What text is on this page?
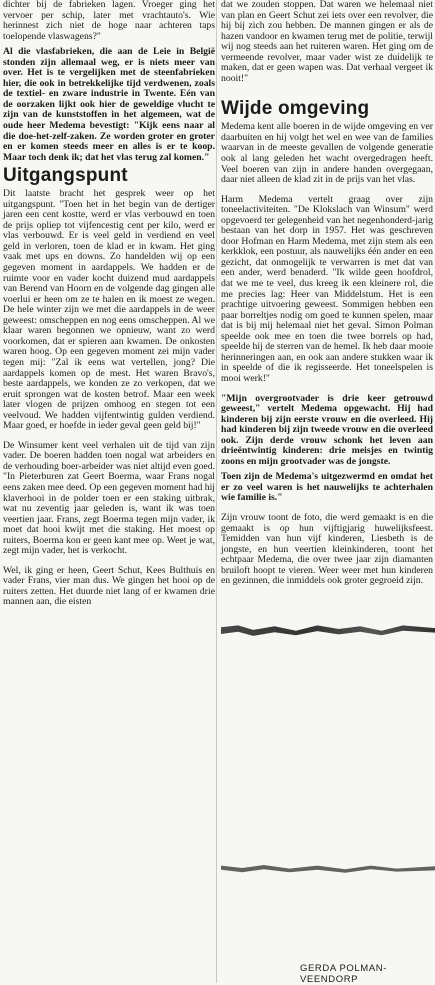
dichter bij de fabrieken lagen. Vroeger ging het vervoer per schip, later met vrachtauto's. Wie herinnest zich niet de hoge naar achteren taps toelopende vlaswagens?"

Al die vlasfabrieken, die aan de Leie in België stonden zijn allemaal weg, er is niets meer van over. Het is te vergelijken met de steenfabrieken hier, die ook in betrekkelijke tijd verdwenen, zoals de textiel- en zware industrie in Twente. Eén van de oorzaken lijkt ook hier de geweldige vlucht te zijn van de kunststoffen in het algemeen, wat de oude heer Medema bevestigt: "Kijk eens naar al die doe-het-zelf-zaken. Ze worden groter en groter en er komen steeds meer en alles is er te koop. Maar toch denk ik; dat het vlas terug zal komen."

Uitgangspunt

Dit laatste bracht het gesprek weer op het uitgangspunt. "Toen het in het begin van de dertiger jaren een cent kostte, werd er vlas verbouwd en toen de prijs opliep tot vijfencestig cent per kilo, werd er vlas verbouwd. Er is veel geld in verdiend en veel geld in verloren, toen de klad er in kwam. Het ging vaak met ups en downs. Zo handelden wij op een gegeven moment in aardappels. We hadden er de ruimte voor en vader kocht duizend mud aardappels van Berend van Hoorn en de volgende dag gingen alle voerlui er heen om ze te halen en ik moest ze wegen. De hele winter zijn we met die aardappels in de weer geweest: omscheppen en nog eens omscheppen. Al we klaar waren begonnen we opnieuw, want zo werd voorkomen, dat er spieren aan kwamen. De onkosten waren hoog. Op een gegeven moment zei mijn vader tegen mij: "Zal ik eens wat vertellen, jong? Die aardappels komen op de mest. Het waren Bravo's, beste aardappels, we konden ze zo verkopen, dat we eruit sprongen wat de kosten betrof. Maar een week later vlogen de prijzen omhoog en stegen tot een veelvoud. We hadden vijfentwintig gulden verdiend. Maar goed, er hoefde in ieder geval geen geld bij!"

De Winsumer kent veel verhalen uit de tijd van zijn vader. De boeren hadden toen nogal wat arbeiders en de verhouding boer-arbeider was niet altijd even goed. "In Pieterburen zat Geert Boerma, waar Frans nogal eens zaken mee deed. Op een gegeven moment had hij klaverhooi in de polder toen er een staking uitbrak, wat nu zeventig jaar geleden is, want ik was toen veertien jaar. Frans, zegt Boerma tegen mijn vader, ik moet dat hooi kwijt met die staking. Het moest op ruiters, Boerma kon er geen kant mee op. Weet je wat, zegt mijn vader, het is verkocht.

Wel, ik ging er heen, Geert Schut, Kees Bulthuis en vader Frans, vier man dus. We gingen het hooi op de ruiters zetten. Het duurde niet lang of er kwamen drie mannen aan, die eisten

dat we zouden stoppen. Dat waren we helemaal niet van plan en Geert Schut zei iets over een revolver, die hij bij zich zou hebben. De mannen gingen er als de hazen vandoor en kwamen terug met de politie, terwijl wij nog steeds aan het ruiteren waren. Het ging om de vermeende revolver, maar vader wist ze duidelijk te maken, dat er geen wapen was. Dat verhaal vergeet ik nooit!"

Wijde omgeving

Medema kent alle boeren in de wijde omgeving en ver daarbuiten en hij volgt het wel en wee van de families waarvan in de meeste gevallen de volgende generatie ook al lang geleden het wacht overgedragen heeft. Veel boeren van zijn in andere handen overgegaan, daar niet alleen de klad zit in de prijs van het vlas.

Harm Medema vertelt graag over zijn toneelactiviteiten. "De Klokslach van Winsum" werd opgevoerd ter gelegenheid van het negenhonderd-jarig bestaan van het dorp in 1957. Het was geschreven door Hofman en Harm Medema, met zijn stem als een kerkklok, een postuur, als nauwelijks één ander en een gezicht, dat onmogelijk te verwarren is met dat van een ander, werd benaderd. "Ik wilde geen hoofdrol, dat we me te veel, dus kreeg ik een kleinere rol, die me precies lag: Heer van Middelstum. Het is een prachtige uitvoering geweest. Sommigen hebben een paar borreltjes nodig om goed te kunnen spelen, maar dat is bij mij helemaal niet het geval. Simon Polman speelde ook mee en toen die twee borrels op had, speelde hij de sterren van de hemel. Ik heb daar mooie herinneringen aan, en ook aan andere stukken waar ik in speelde of die ik regisseerde. Het toneelspelen is mooi werk!"

"Mijn overgrootvader is drie keer getrouwd geweest," vertelt Medema opgewacht. Hij had kinderen bij zijn eerste vrouw en die overleed. Hij had kinderen bij zijn tweede vrouw en die overleed ook. Zijn derde vrouw schonk het leven aan drieëntwintig kinderen: drie meisjes en twintig zoons en mijn grootvader was de jongste.

Toen zijn de Medema's uitgezwermd en omdat het er zo veel waren is het nauwelijks te achterhalen wie familie is."

Zijn vrouw toont de foto, die werd gemaakt is en die gemaakt is op hun vijftigjarig huwelijksfeest. Temidden van hun vijf kinderen, Liesbeth is de jongste, en hun veertien kleinkinderen, toont het echtpaar Medema, die over twee jaar zijn diamanten bruiloft hoopt te vieren. Weer weer met hun kinderen en gezinnen, die inmiddels ook groter gegroeid zijn.

GERDA POLMAN-VEENDORP
